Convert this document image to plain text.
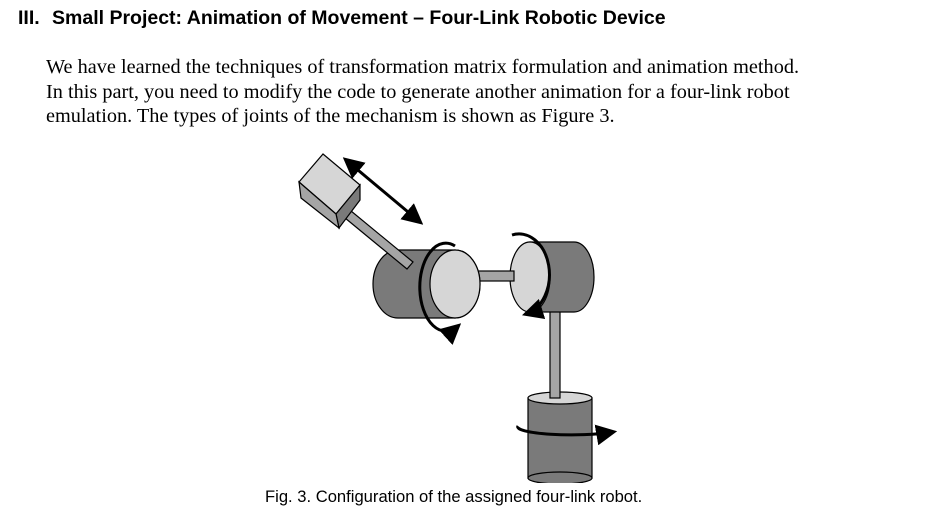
III. Small Project: Animation of Movement – Four-Link Robotic Device

We have learned the techniques of transformation matrix formulation and animation method.
In this part, you need to modify the code to generate another animation for a four-link robot
emulation. The types of joints of the mechanism is shown as Figure 3.

Fig. 3. Configuration of the assigned four-link robot.
